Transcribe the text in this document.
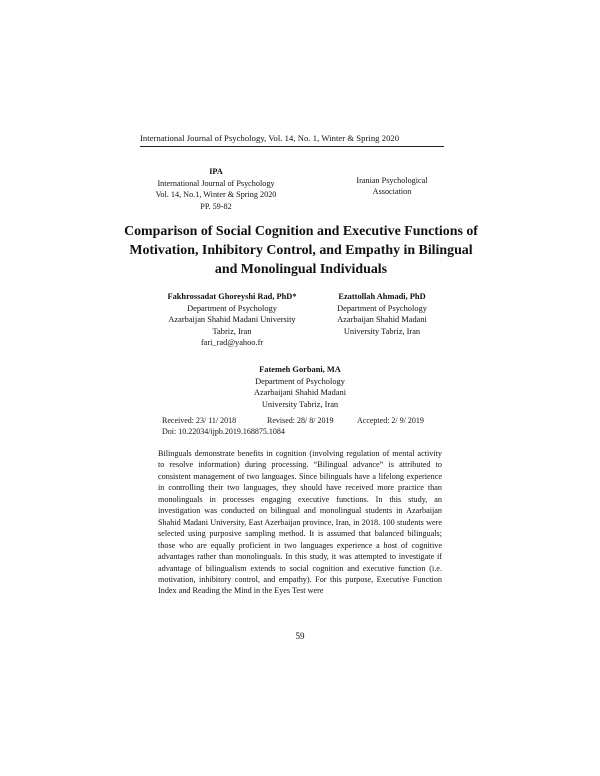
International Journal of Psychology, Vol. 14, No. 1, Winter & Spring 2020
IPA
International Journal of Psychology
Vol. 14, No.1, Winter & Spring 2020
PP. 59-82
Iranian Psychological
Association
Comparison of Social Cognition and Executive Functions of Motivation, Inhibitory Control, and Empathy in Bilingual and Monolingual Individuals
Fakhrossadat Ghoreyshi Rad, PhD*
Department of Psychology
Azarbaijan Shahid Madani University
Tabriz, Iran
fari_rad@yahoo.fr
Ezattollah Ahmadi, PhD
Department of Psychology
Azarbaijan Shahid Madani
University Tabriz, Iran
Fatemeh Gorbani, MA
Department of Psychology
Azarbaijani Shahid Madani
University Tabriz, Iran
Received: 23/ 11/ 2018	Revised: 28/ 8/ 2019	Accepted: 2/ 9/ 2019
Doi: 10.22034/ijpb.2019.168875.1084
Bilinguals demonstrate benefits in cognition (involving regulation of mental activity to resolve information) during processing. “Bilingual advance” is attributed to consistent management of two languages. Since bilinguals have a lifelong experience in controlling their two languages, they should have received more practice than monolinguals in processes engaging executive functions. In this study, an investigation was conducted on bilingual and monolingual students in Azarbaijan Shahid Madani University, East Azerbaijan province, Iran, in 2018. 100 students were selected using purposive sampling method. It is assumed that balanced bilinguals; those who are equally proficient in two languages experience a host of cognitive advantages rather than monolinguals. In this study, it was attempted to investigate if advantage of bilingualism extends to social cognition and executive function (i.e. motivation, inhibitory control, and empathy). For this purpose, Executive Function Index and Reading the Mind in the Eyes Test were
59
